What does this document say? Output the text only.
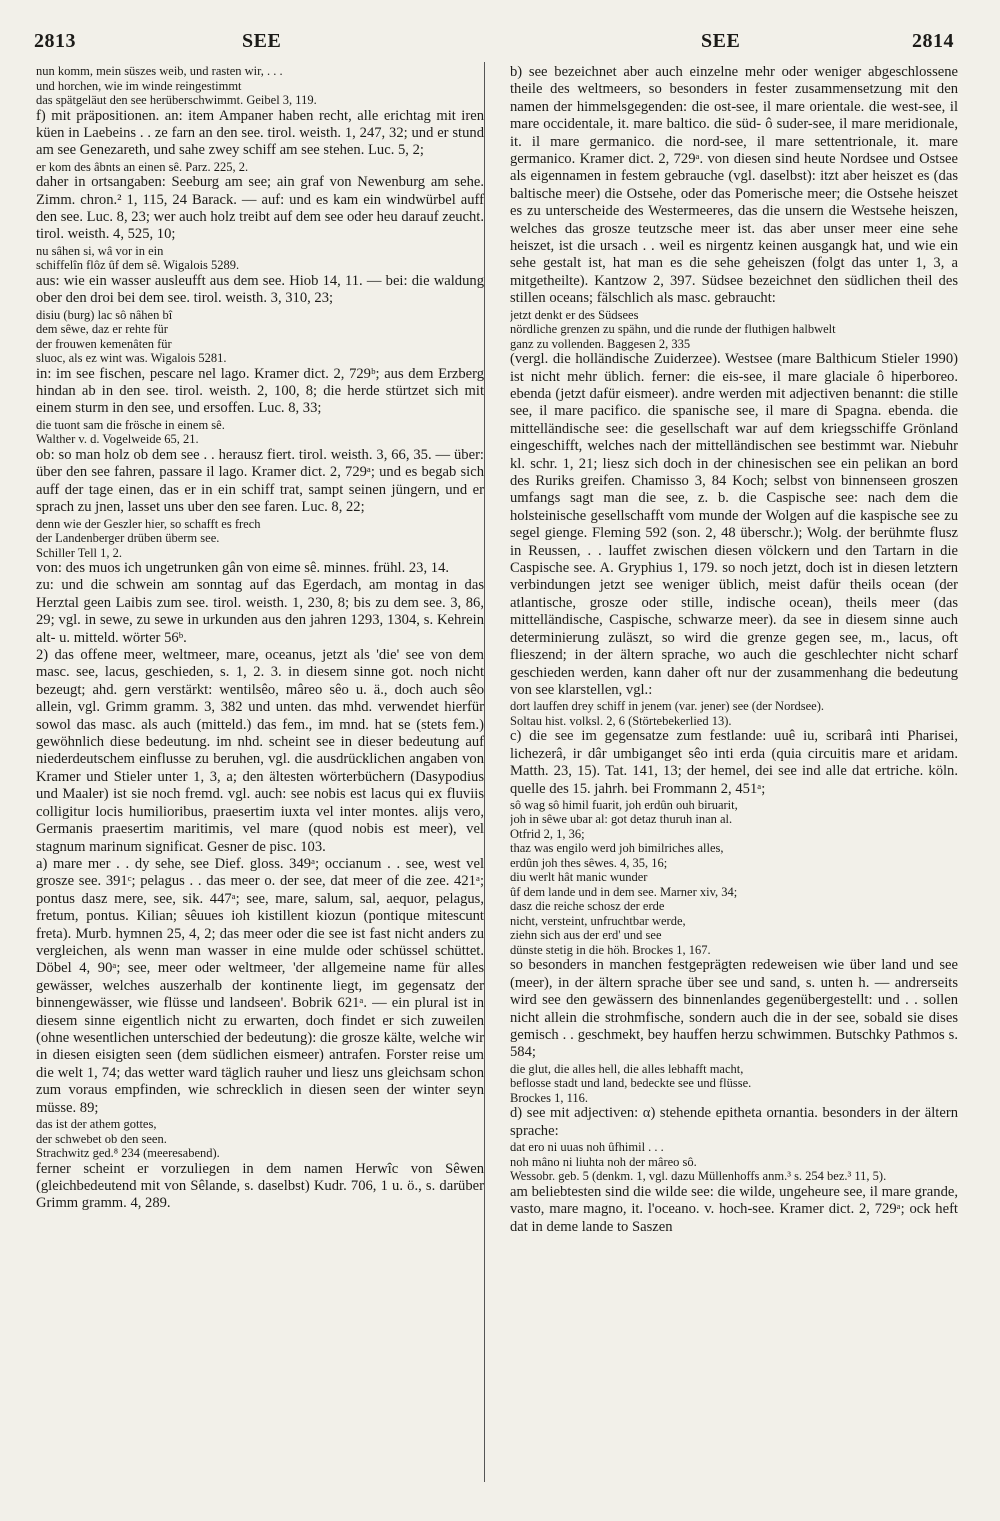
2813	SEE	SEE	2814

nun komm, mein süszes weib, und rasten wir, . . .
und horchen, wie im winde reingestimmt
das spätgeläut den see herüberschwimmt. Geibel 3, 119.

f) mit präpositionen. an: item Ampaner haben recht, alle erichtag mit iren küen in Laebeins . . ze farn an den see. tirol. weisth. 1, 247, 32; und er stund am see Genezareth, und sahe zwey schiff am see stehen. Luc. 5, 2;

er kom des âbnts an einen sê. Parz. 225, 2.

daher in ortsangaben: Seeburg am see; ain graf von Newenburg am sehe. Zimm. chron.² 1, 115, 24 Barack. — auf: und es kam ein windwürbel auff den see. Luc. 8, 23; wer auch holz treibt auf dem see oder heu darauf zeucht. tirol. weisth. 4, 525, 10;

nu sâhen si, wâ vor in ein
schiffelîn flôz ûf dem sê. Wigalois 5289.

aus: wie ein wasser ausleufft aus dem see. Hiob 14, 11. — bei: die waldung ober den droi bei dem see. tirol. weisth. 3, 310, 23;

disiu (burg) lac sô nâhen bî
dem sêwe, daz er rehte für
der frouwen kemenâten für
sluoc, als ez wint was. Wigalois 5281.

in: im see fischen, pescare nel lago. Kramer dict. 2, 729ᵇ; aus dem Erzberg hindan ab in den see. tirol. weisth. 2, 100, 8; die herde stürtzet sich mit einem sturm in den see, und ersoffen. Luc. 8, 33;

die tuont sam die frösche in einem sê.
Walther v. d. Vogelweide 65, 21.

ob: so man holz ob dem see . . herausz fiert. tirol. weisth. 3, 66, 35. — über: über den see fahren, passare il lago. Kramer dict. 2, 729ᵃ; und es begab sich auff der tage einen, das er in ein schiff trat, sampt seinen jüngern, und er sprach zu jnen, lasset uns uber den see faren. Luc. 8, 22;

denn wie der Geszler hier, so schafft es frech
der Landenberger drüben überm see.
Schiller Tell 1, 2.

von: des muos ich ungetrunken gân von eime sê. minnes. frühl. 23, 14.

zu: und die schwein am sonntag auf das Egerdach, am montag in das Herztal geen Laibis zum see. tirol. weisth. 1, 230, 8; bis zu dem see. 3, 86, 29; vgl. in sewe, zu sewe in urkunden aus den jahren 1293, 1304, s. Kehrein alt- u. mitteld. wörter 56ᵇ.

2) das offene meer, weltmeer, mare, oceanus, jetzt als 'die' see von dem masc. see, lacus, geschieden, s. 1, 2. 3. in diesem sinne got. noch nicht bezeugt; ahd. gern verstärkt: wentilsêo, mâreo sêo u. ä., doch auch sêo allein, vgl. Grimm gramm. 3, 382 und unten. das mhd. verwendet hierfür sowol das masc. als auch (mitteld.) das fem., im mnd. hat se (stets fem.) gewöhnlich diese bedeutung. im nhd. scheint see in dieser bedeutung auf niederdeutschem einflusse zu beruhen, vgl. die ausdrücklichen angaben von Kramer und Stieler unter 1, 3, a; den ältesten wörterbüchern (Dasypodius und Maaler) ist sie noch fremd. vgl. auch: see nobis est lacus qui ex fluviis colligitur locis humilioribus, praesertim iuxta vel inter montes. alijs vero, Germanis praesertim maritimis, vel mare (quod nobis est meer), vel stagnum marinum significat. Gesner de pisc. 103.

a) mare mer . . dy sehe, see Dief. gloss. 349ᵃ; occianum . . see, west vel grosze see. 391ᶜ; pelagus . . das meer o. der see, dat meer of die zee. 421ᵃ; pontus dasz mere, see, sik. 447ᵃ; see, mare, salum, sal, aequor, pelagus, fretum, pontus. Kilian; sêuues ioh kistillent kiozun (pontique mitescunt freta). Murb. hymnen 25, 4, 2; das meer oder die see ist fast nicht anders zu vergleichen, als wenn man wasser in eine mulde oder schüssel schüttet. Döbel 4, 90ᵃ; see, meer oder weltmeer, 'der allgemeine name für alles gewässer, welches auszerhalb der kontinente liegt, im gegensatz der binnengewässer, wie flüsse und landseen'. Bobrik 621ᵃ. — ein plural ist in diesem sinne eigentlich nicht zu erwarten, doch findet er sich zuweilen (ohne wesentlichen unterschied der bedeutung): die grosze kälte, welche wir in diesen eisigten seen (dem südlichen eismeer) antrafen. Forster reise um die welt 1, 74; das wetter ward täglich rauher und liesz uns gleichsam schon zum voraus empfinden, wie schrecklich in diesen seen der winter seyn müsse. 89;

das ist der athem gottes,
der schwebet ob den seen.
Strachwitz ged.⁸ 234 (meeresabend).

ferner scheint er vorzuliegen in dem namen Herwîc von Sêwen (gleichbedeutend mit von Sêlande, s. daselbst) Kudr. 706, 1 u. ö., s. darüber Grimm gramm. 4, 289.

b) see bezeichnet aber auch einzelne mehr oder weniger abgeschlossene theile des weltmeers, so besonders in fester zusammensetzung mit den namen der himmelsgegenden: die ost-see, il mare orientale. die west-see, il mare occidentale, it. mare baltico. die süd- ô suder-see, il mare meridionale, it. il mare germanico. die nord-see, il mare settentrionale, it. mare germanico. Kramer dict. 2, 729ᵃ. von diesen sind heute Nordsee und Ostsee als eigennamen in festem gebrauche (vgl. daselbst): itzt aber heiszet es (das baltische meer) die Ostsehe, oder das Pomerische meer; die Ostsehe heiszet es zu unterscheide des Westermeeres, das die unsern die Westsehe heiszen, welches das grosze teutzsche meer ist. das aber unser meer eine sehe heiszet, ist die ursach . . weil es nirgentz keinen ausgangk hat, und wie ein sehe gestalt ist, hat man es die sehe geheiszen (folgt das unter 1, 3, a mitgetheilte). Kantzow 2, 397. Südsee bezeichnet den südlichen theil des stillen oceans; fälschlich als masc. gebraucht:

jetzt denkt er des Südsees
nördliche grenzen zu spähn, und die runde der fluthigen halbwelt
ganz zu vollenden. Baggesen 2, 335

(vergl. die holländische Zuiderzee). Westsee (mare Balthicum Stieler 1990) ist nicht mehr üblich. ferner: die eis-see, il mare glaciale ô hiperboreo. ebenda (jetzt dafür eismeer). andre werden mit adjectiven benannt: die stille see, il mare pacifico. die spanische see, il mare di Spagna. ebenda. die mittelländische see: die gesellschaft war auf dem kriegsschiffe Grönland eingeschifft, welches nach der mittelländischen see bestimmt war. Niebuhr kl. schr. 1, 21; liesz sich doch in der chinesischen see ein pelikan an bord des Ruriks greifen. Chamisso 3, 84 Koch; selbst von binnenseen groszen umfangs sagt man die see, z. b. die Caspische see: nach dem die holsteinische gesellschafft vom munde der Wolgen auf die kaspische see zu segel gienge. Fleming 592 (son. 2, 48 überschr.); Wolg. der berühmte flusz in Reussen, . . lauffet zwischen diesen völckern und den Tartarn in die Caspische see. A. Gryphius 1, 179. so noch jetzt, doch ist in diesen letztern verbindungen jetzt see weniger üblich, meist dafür theils ocean (der atlantische, grosze oder stille, indische ocean), theils meer (das mittelländische, Caspische, schwarze meer). da see in diesem sinne auch determinierung zuläszt, so wird die grenze gegen see, m., lacus, oft flieszend; in der ältern sprache, wo auch die geschlechter nicht scharf geschieden werden, kann daher oft nur der zusammenhang die bedeutung von see klarstellen, vgl.:

dort lauffen drey schiff in jenem (var. jener) see (der Nordsee).
Soltau hist. volksl. 2, 6 (Störtebekerlied 13).

c) die see im gegensatze zum festlande: uuê iu, scribarâ inti Pharisei, lichezerâ, ir dâr umbiganget sêo inti erda (quia circuitis mare et aridam. Matth. 23, 15). Tat. 141, 13; der hemel, dei see ind alle dat ertriche. köln. quelle des 15. jahrh. bei Frommann 2, 451ᵃ;

sô wag sô himil fuarit, joh erdûn ouh biruarit,
joh in sêwe ubar al: got detaz thuruh inan al.
Otfrid 2, 1, 36;

thaz was engilo werd joh bimilriches alles,
erdûn joh thes sêwes. 4, 35, 16;

diu werlt hât manic wunder
ûf dem lande und in dem see. Marner xiv, 34;

dasz die reiche schosz der erde
nicht, versteint, unfruchtbar werde,
ziehn sich aus der erd' und see
dünste stetig in die höh. Brockes 1, 167.

so besonders in manchen festgeprägten redeweisen wie über land und see (meer), in der ältern sprache über see und sand, s. unten h. — andrerseits wird see den gewässern des binnenlandes gegenübergestellt: und . . sollen nicht allein die strohmfische, sondern auch die in der see, sobald sie dises gemisch . . geschmekt, bey hauffen herzu schwimmen. Butschky Pathmos s. 584;

die glut, die alles hell, die alles lebhafft macht,
beflosse stadt und land, bedeckte see und flüsse.
Brockes 1, 116.

d) see mit adjectiven: α) stehende epitheta ornantia. besonders in der ältern sprache:

dat ero ni uuas noh ûfhimil . . .
noh mâno ni liuhta noh der mâreo sô.
Wessobr. geb. 5 (denkm. 1, vgl. dazu Müllenhoffs anm.³ s. 254 bez.³ 11, 5).

am beliebtesten sind die wilde see: die wilde, ungeheure see, il mare grande, vasto, mare magno, it. l'oceano. v. hoch-see. Kramer dict. 2, 729ᵃ; ock heft dat in deme lande to Saszen
